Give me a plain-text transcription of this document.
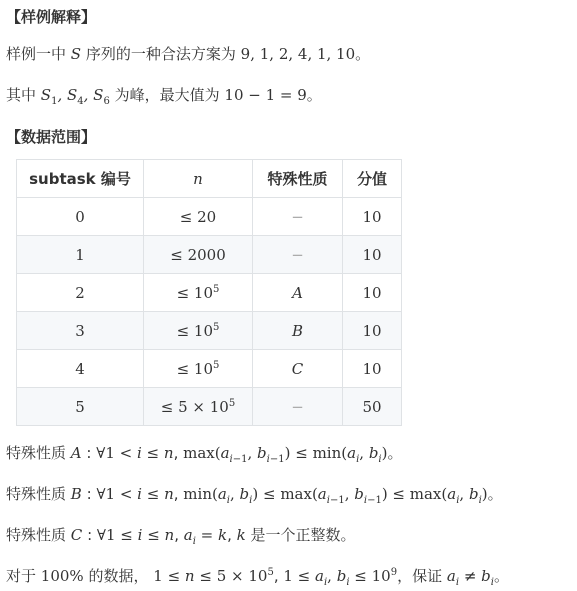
【样例解释】
样例一中 S 序列的一种合法方案为 9, 1, 2, 4, 1, 10。
其中 $S_1$, $S_4$, $S_6$ 为峰，最大值为 10 − 1 = 9。
【数据范围】
subtask 编号	n	特殊性质	分值
0	≤ 20	−	10
1	≤ 2000	−	10
2	≤ $10^5$	A	10
3	≤ $10^5$	B	10
4	≤ $10^5$	C	10
5	≤ $5 \times 10^5$	−	50
特殊性质 A : ∀1 < i ≤ n, $\max(a_{i-1}$, $b_{i-1}) \le \min(a_i$, $b_i$)。
特殊性质 B : ∀1 < i ≤ n, $\min(a_i$, $b_i) \le \max(a_{i-1}$, $b_{i-1}) \le \max(a_i$, $b_i$)。
特殊性质 C : ∀1 ≤ i ≤ n, $a_i = k$, k 是一个正整数。
对于 100% 的数据， $1 \le n \le 5 \times 10^5$, $1 \le a_i$, $b_i \le 10^9$，保证 $a_i \ne b_i$。
